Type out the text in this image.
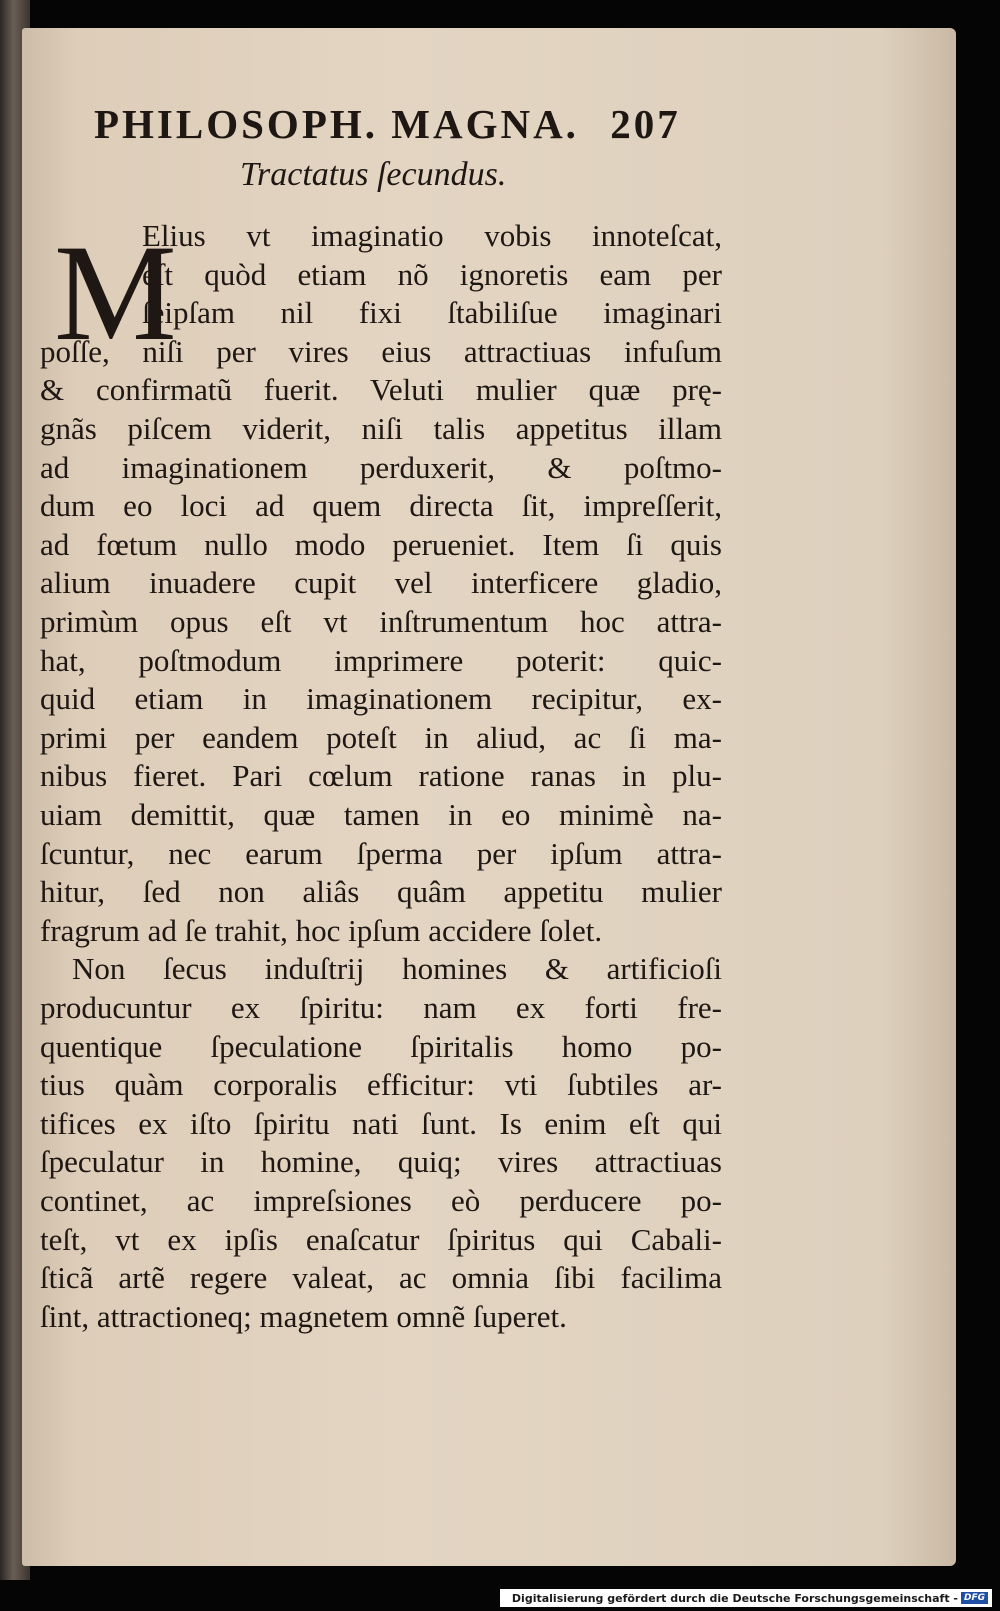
PHILOSOPH. MAGNA. 207
Tractatus ſecundus.
M
Elius vt imaginatio vobis innoteſcat,
eſt quòd etiam nõ ignoretis eam per
ſeipſam nil fixi ſtabiliſue imaginari
poſſe, niſi per vires eius attractiuas infuſum
& confirmatũ fuerit. Veluti mulier quæ prę-
gnãs piſcem viderit, niſi talis appetitus illam
ad imaginationem perduxerit, & poſtmo-
dum eo loci ad quem directa ſit, impreſſerit,
ad fœtum nullo modo perueniet. Item ſi quis
alium inuadere cupit vel interficere gladio,
primùm opus eſt vt inſtrumentum hoc attra-
hat, poſtmodum imprimere poterit: quic-
quid etiam in imaginationem recipitur, ex-
primi per eandem poteſt in aliud, ac ſi ma-
nibus fieret. Pari cœlum ratione ranas in plu-
uiam demittit, quæ tamen in eo minimè na-
ſcuntur, nec earum ſperma per ipſum attra-
hitur, ſed non aliâs quâm appetitu mulier
fragrum ad ſe trahit, hoc ipſum accidere ſolet.
Non ſecus induſtrij homines & artificioſi
producuntur ex ſpiritu: nam ex forti fre-
quentique ſpeculatione ſpiritalis homo po-
tius quàm corporalis efficitur: vti ſubtiles ar-
tifices ex iſto ſpiritu nati ſunt. Is enim eſt qui
ſpeculatur in homine, quiq; vires attractiuas
continet, ac impreſsiones eò perducere po-
teſt, vt ex ipſis enaſcatur ſpiritus qui Cabali-
ſticã artẽ regere valeat, ac omnia ſibi facilima
ſint, attractioneq; magnetem omnẽ ſuperet.
Digitalisierung gefördert durch die Deutsche Forschungsgemeinschaft - DFG
